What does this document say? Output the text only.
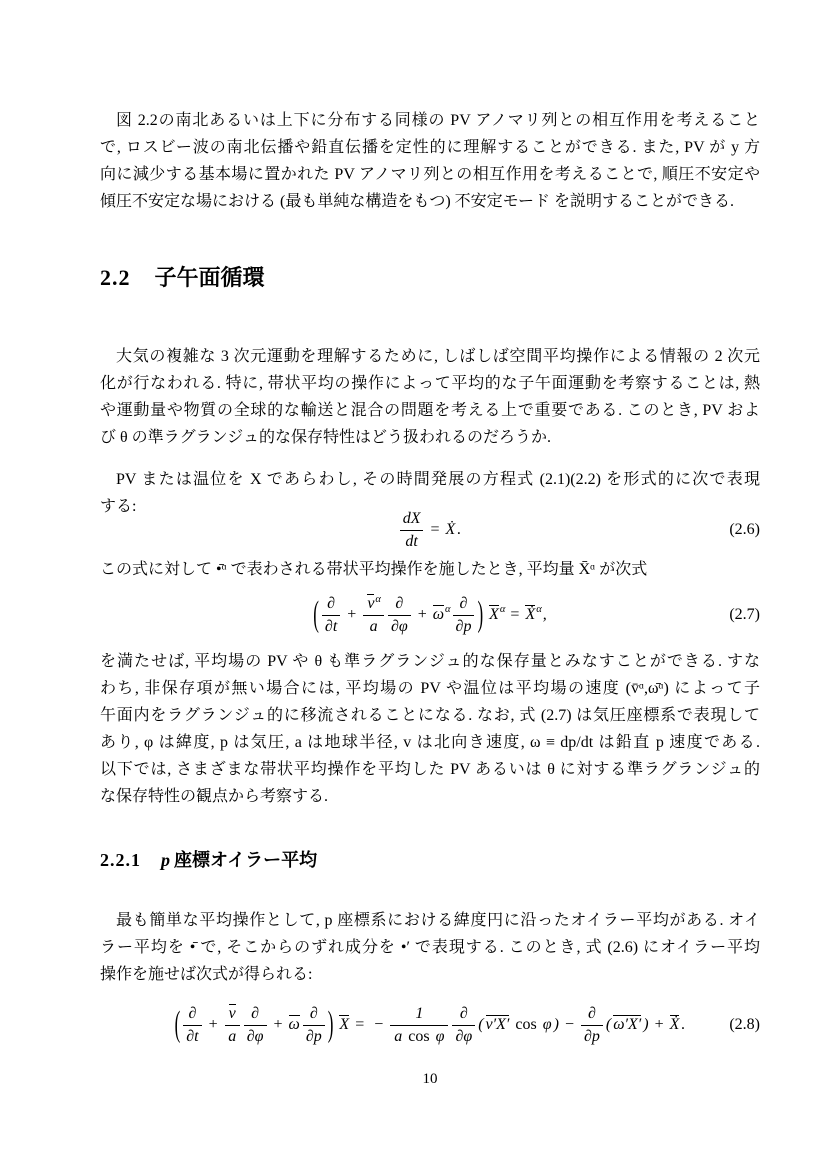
図 2.2の南北あるいは上下に分布する同様の PV アノマリ列との相互作用を考えること
で, ロスビー波の南北伝播や鉛直伝播を定性的に理解することができる. また, PV が y 方
向に減少する基本場に置かれた PV アノマリ列との相互作用を考えることで, 順圧不安定や
傾圧不安定な場における (最も単純な構造をもつ) 不安定モード を説明することができる.
2.2 子午面循環
大気の複雑な 3 次元運動を理解するために, しばしば空間平均操作による情報の 2 次元
化が行なわれる. 特に, 帯状平均の操作によって平均的な子午面運動を考察することは, 熱
や運動量や物質の全球的な輸送と混合の問題を考える上で重要である. このとき, PV およ
び θ の準ラグランジュ的な保存特性はどう扱われるのだろうか.
PV または温位を X であらわし, その時間発展の方程式 (2.1)(2.2) を形式的に次で表現
する:
$\frac{dX}{dt}$ = Ẋ .	(2.6)
この式に対して •̄ᵅ で表わされる帯状平均操作を施したとき, 平均量 X̄ᵅ が次式
( $\frac{\partial}{\partial t} + \frac{v^\alpha}{a} \frac{\partial}{\partial\varphi} + \omega^\alpha \frac{\partial}{\partial p}$ ) $X^\alpha$ = Ẋ$^\alpha$,	(2.7)
を満たせば, 平均場の PV や θ も準ラグランジュ的な保存量とみなすことができる. すな
わち, 非保存項が無い場合には, 平均場の PV や温位は平均場の速度 (v̄ᵅ,ω̄ᵅ) によって子
午面内をラグランジュ的に移流されることになる. なお, 式 (2.7) は気圧座標系で表現して
あり, φ は緯度, p は気圧, a は地球半径, v は北向き速度, ω ≡ dp/dt は鉛直 p 速度である.
以下では, さまざまな帯状平均操作を平均した PV あるいは θ に対する準ラグランジュ的
な保存特性の観点から考察する.
2.2.1 p 座標オイラー平均
最も簡単な平均操作として, p 座標系における緯度円に沿ったオイラー平均がある. オイ
ラー平均を •̄ で, そこからのずれ成分を •′ で表現する. このとき, 式 (2.6) にオイラー平均
操作を施せば次式が得られる:
( $\frac{\partial}{\partial t} + \frac{v}{a} \frac{\partial}{\partial\varphi} + \omega \frac{\partial}{\partial p}$ ) X = − $\frac{1}{\text{a cos φ}} \frac{\partial}{\partial\varphi}$ ( v′X′ cos φ ) − $\frac{\partial}{\partial p}$ ( ω′X′ ) + Ẋ .	(2.8)
10
